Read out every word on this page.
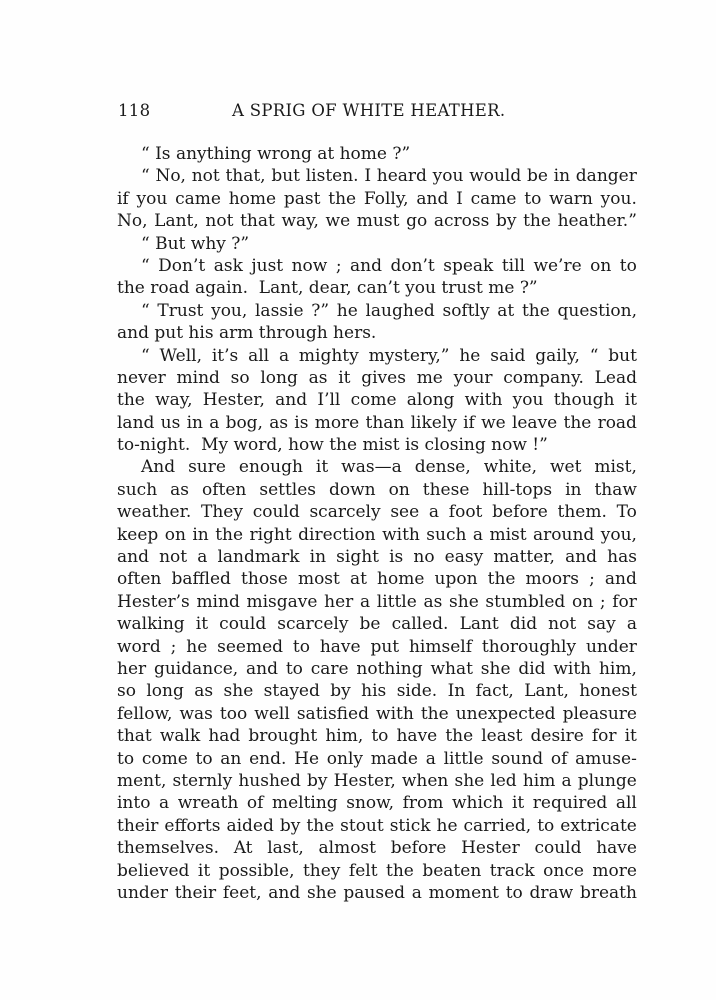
118	A SPRIG OF WHITE HEATHER.
“ Is anything wrong at home ?”
“ No, not that, but listen. I heard you would be in danger
if you came home past the Folly, and I came to warn you.
No, Lant, not that way, we must go across by the heather.”
“ But why ?”
“ Don’t ask just now ; and don’t speak till we’re on to
the road again.  Lant, dear, can’t you trust me ?”
“ Trust you, lassie ?” he laughed softly at the question,
and put his arm through hers.
“ Well, it’s all a mighty mystery,” he said gaily, “ but
never mind so long as it gives me your company. Lead
the way, Hester, and I’ll come along with you though it
land us in a bog, as is more than likely if we leave the road
to-night.  My word, how the mist is closing now !”
And sure enough it was—a dense, white, wet mist,
such as often settles down on these hill-tops in thaw
weather. They could scarcely see a foot before them. To
keep on in the right direction with such a mist around you,
and not a landmark in sight is no easy matter, and has
often baffled those most at home upon the moors ; and
Hester’s mind misgave her a little as she stumbled on ; for
walking it could scarcely be called. Lant did not say a
word ; he seemed to have put himself thoroughly under
her guidance, and to care nothing what she did with him,
so long as she stayed by his side. In fact, Lant, honest
fellow, was too well satisfied with the unexpected pleasure
that walk had brought him, to have the least desire for it
to come to an end. He only made a little sound of amuse-
ment, sternly hushed by Hester, when she led him a plunge
into a wreath of melting snow, from which it required all
their efforts aided by the stout stick he carried, to extricate
themselves. At last, almost before Hester could have
believed it possible, they felt the beaten track once more
under their feet, and she paused a moment to draw breath
